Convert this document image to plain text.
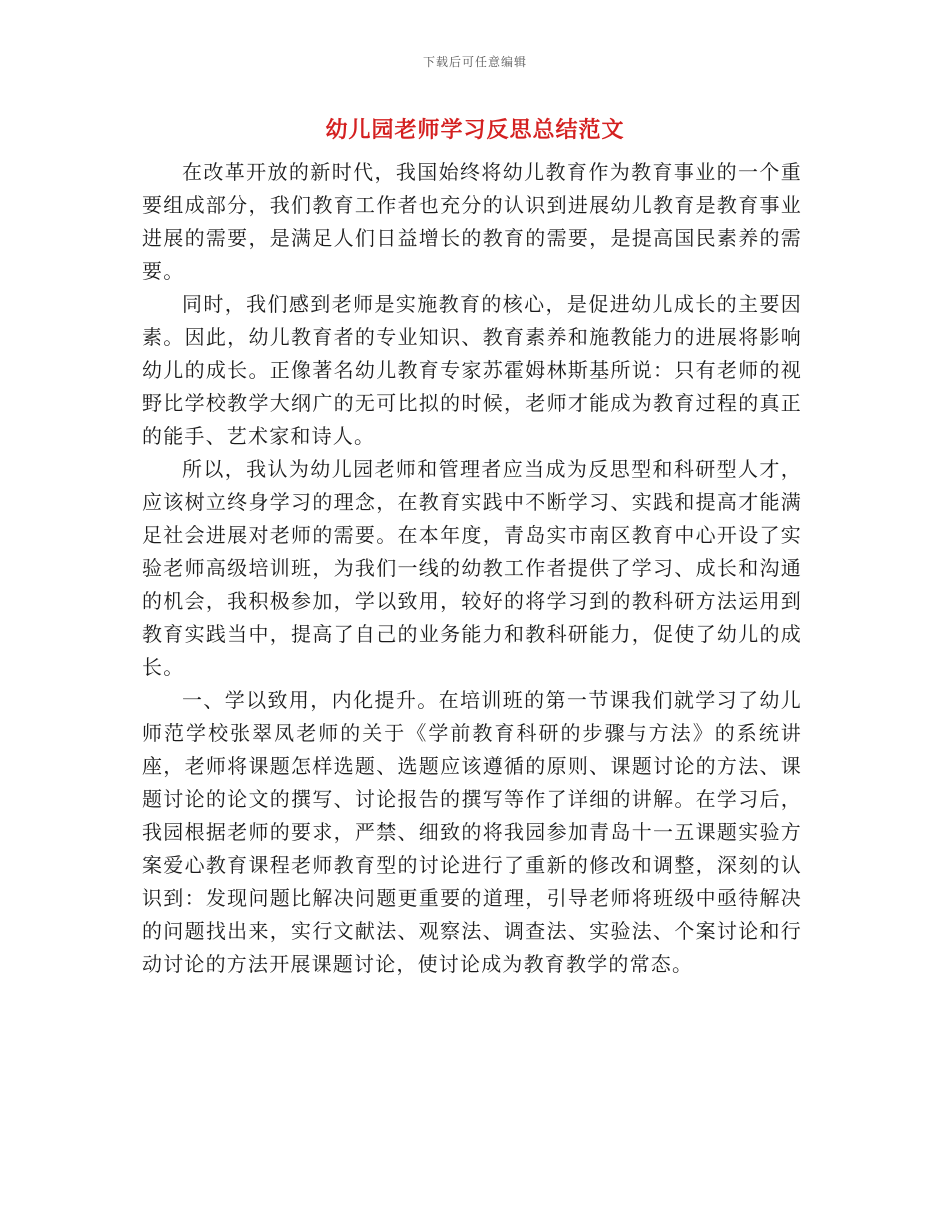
下载后可任意编辑
幼儿园老师学习反思总结范文

在改革开放的新时代，我国始终将幼儿教育作为教育事业的一个重要组成部分，我们教育工作者也充分的认识到进展幼儿教育是教育事业进展的需要，是满足人们日益增长的教育的需要，是提高国民素养的需要。

同时，我们感到老师是实施教育的核心，是促进幼儿成长的主要因素。因此，幼儿教育者的专业知识、教育素养和施教能力的进展将影响幼儿的成长。正像著名幼儿教育专家苏霍姆林斯基所说：只有老师的视野比学校教学大纲广的无可比拟的时候，老师才能成为教育过程的真正的能手、艺术家和诗人。

所以，我认为幼儿园老师和管理者应当成为反思型和科研型人才，应该树立终身学习的理念，在教育实践中不断学习、实践和提高才能满足社会进展对老师的需要。在本年度，青岛实市南区教育中心开设了实验老师高级培训班，为我们一线的幼教工作者提供了学习、成长和沟通的机会，我积极参加，学以致用，较好的将学习到的教科研方法运用到教育实践当中，提高了自己的业务能力和教科研能力，促使了幼儿的成长。

一、学以致用，内化提升。在培训班的第一节课我们就学习了幼儿师范学校张翠凤老师的关于《学前教育科研的步骤与方法》的系统讲座，老师将课题怎样选题、选题应该遵循的原则、课题讨论的方法、课题讨论的论文的撰写、讨论报告的撰写等作了详细的讲解。在学习后，我园根据老师的要求，严禁、细致的将我园参加青岛十一五课题实验方案爱心教育课程老师教育型的讨论进行了重新的修改和调整，深刻的认识到：发现问题比解决问题更重要的道理，引导老师将班级中亟待解决的问题找出来，实行文献法、观察法、调查法、实验法、个案讨论和行动讨论的方法开展课题讨论，使讨论成为教育教学的常态。
